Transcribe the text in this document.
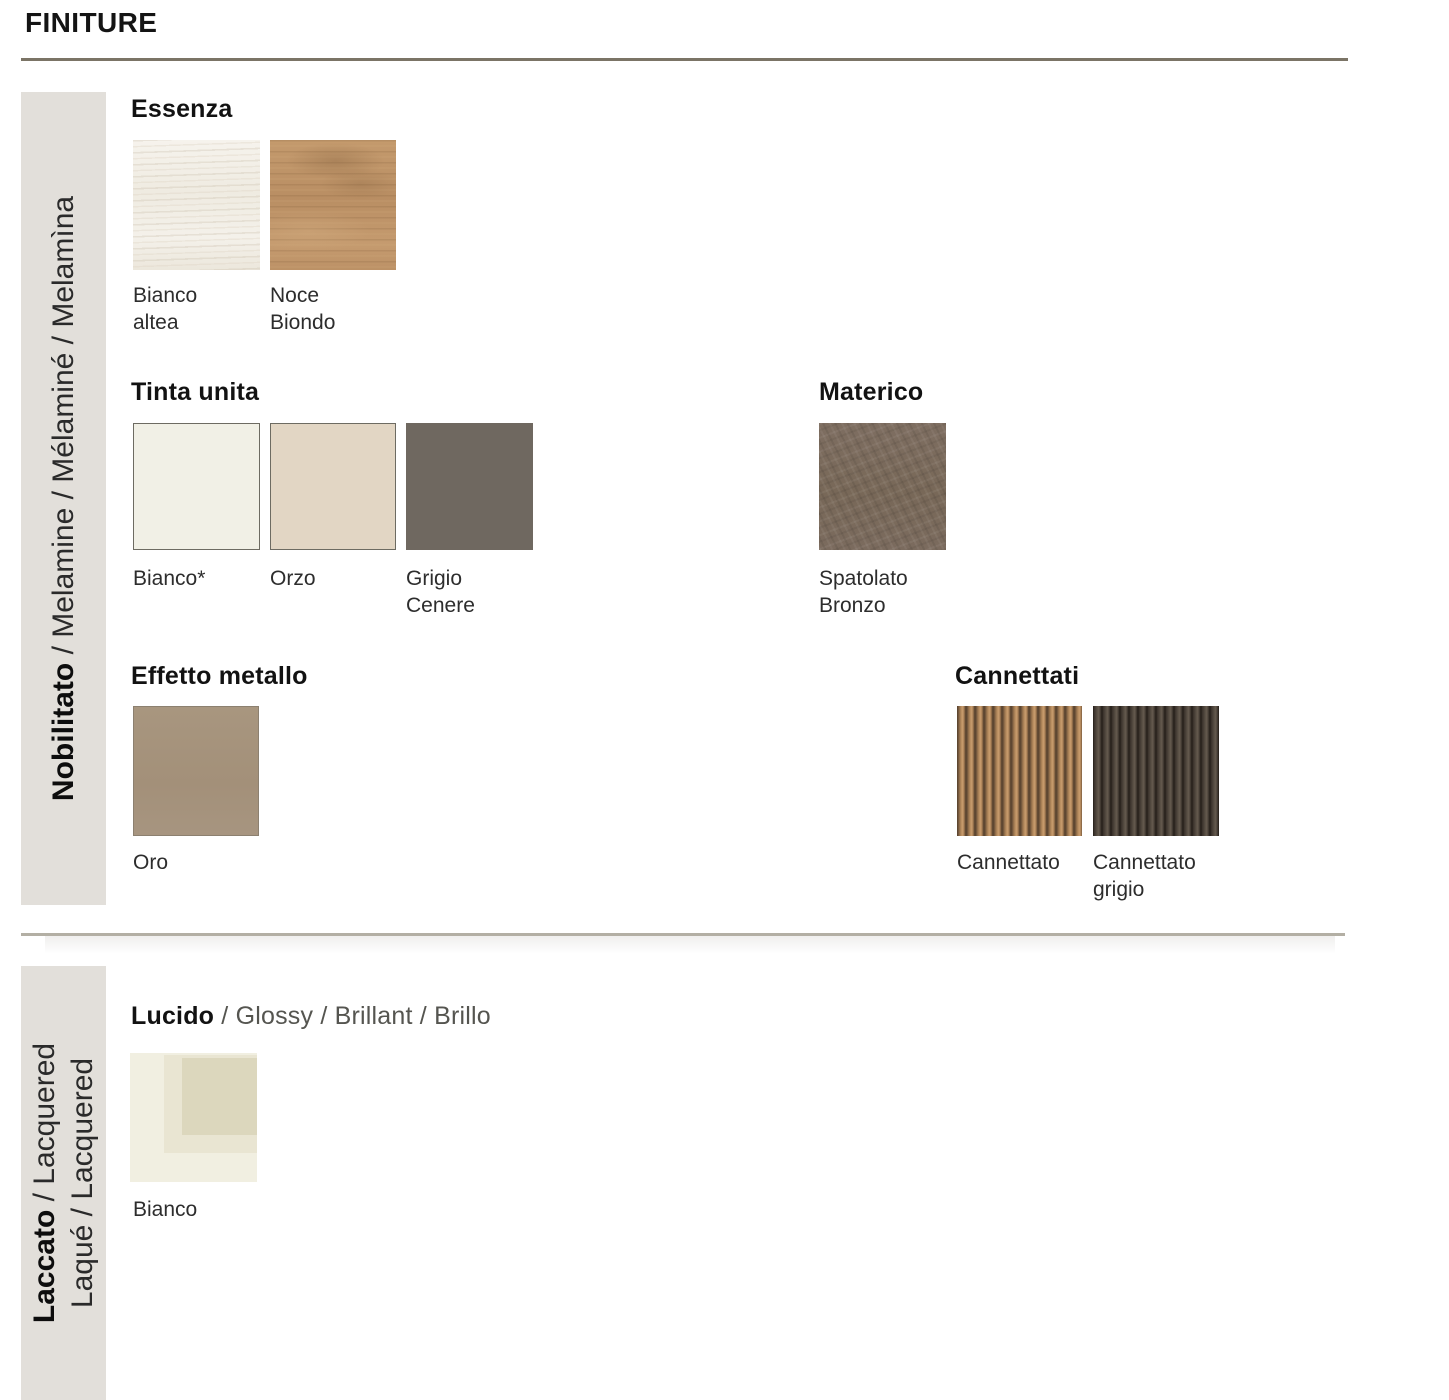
FINITURE
Nobilitato / Melamine / Mélaminé / Melamìna
Essenza
Bianco altea
Noce Biondo
Tinta unita
Bianco*	Orzo	Grigio Cenere
Materico
Spatolato Bronzo
Effetto metallo
Oro
Cannettati
Cannettato	Cannettato grigio
Laccato / Lacquered Laqué / Lacquered
Lucido / Glossy / Brillant / Brillo
Bianco
